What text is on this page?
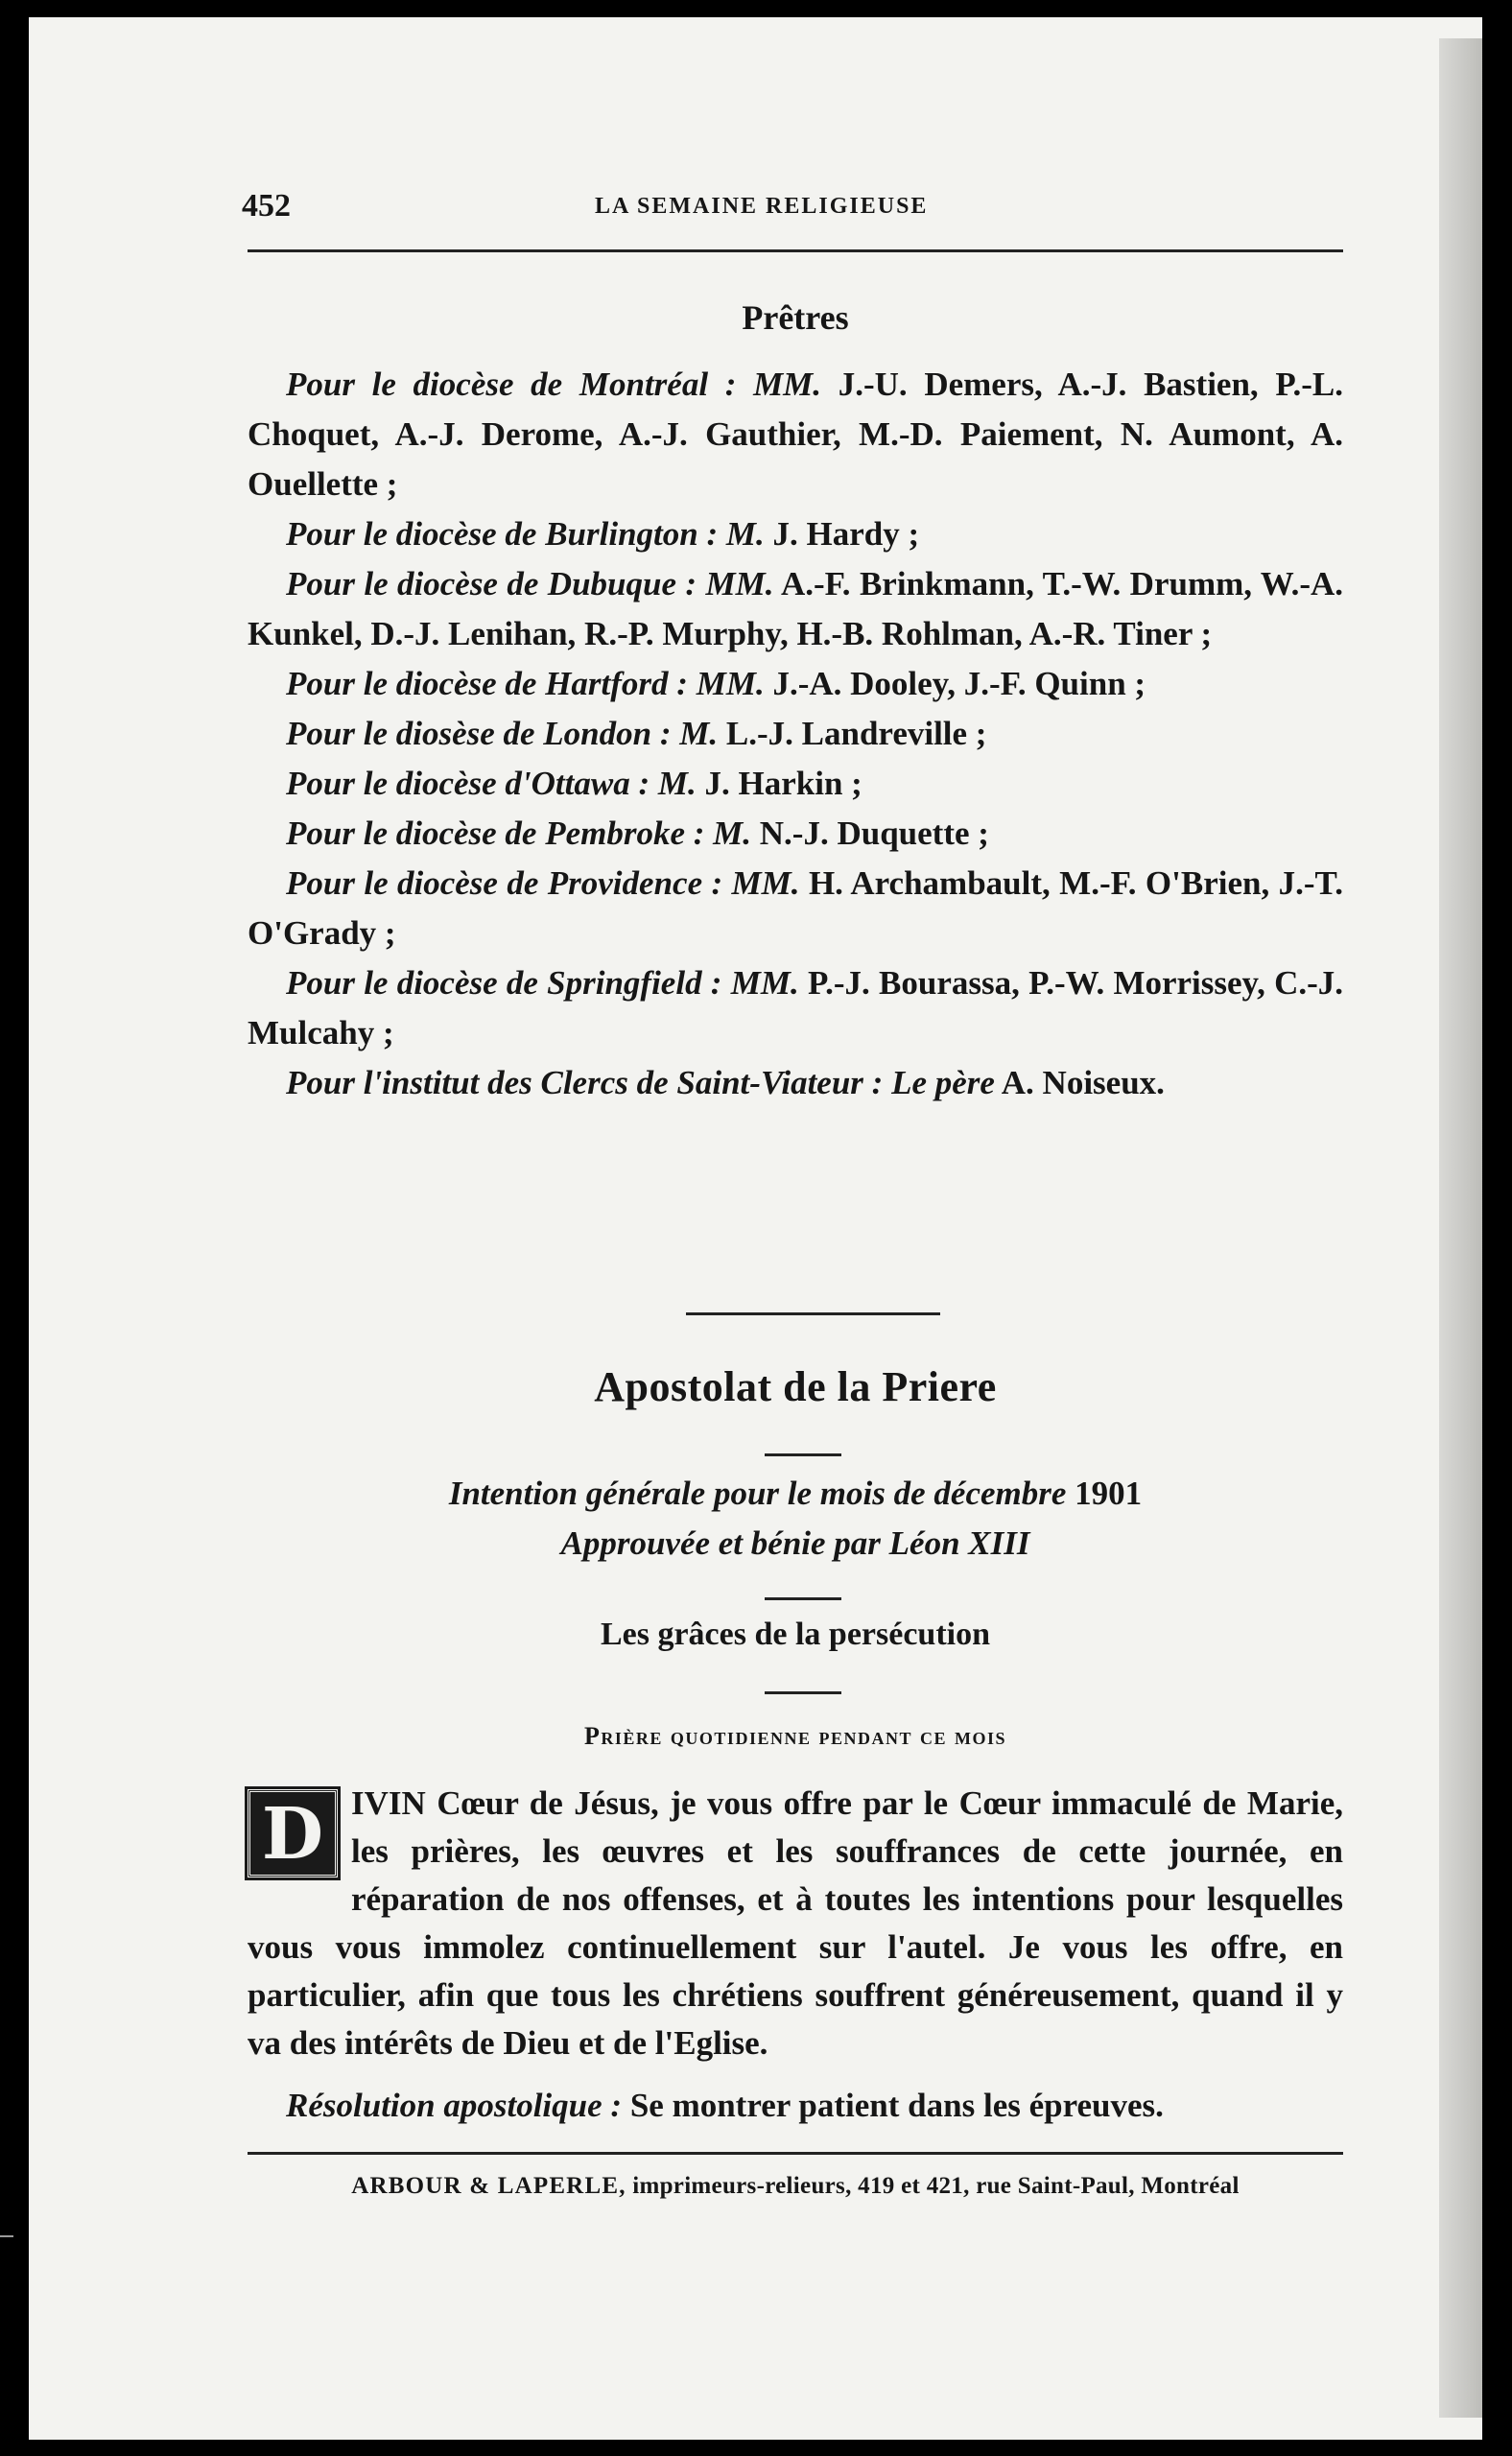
452	LA SEMAINE RELIGIEUSE
Prêtres

Pour le diocèse de Montréal : MM. J.-U. Demers, A.-J. Bastien, P.-L. Choquet, A.-J. Derome, A.-J. Gauthier, M.-D. Paiement, N. Aumont, A. Ouellette ;

Pour le diocèse de Burlington : M. J. Hardy ;

Pour le diocèse de Dubuque : MM. A.-F. Brinkmann, T.-W. Drumm, W.-A. Kunkel, D.-J. Lenihan, R.-P. Murphy, H.-B. Rohlman, A.-R. Tiner ;

Pour le diocèse de Hartford : MM. J.-A. Dooley, J.-F. Quinn ;

Pour le diosèse de London : M. L.-J. Landreville ;

Pour le diocèse d'Ottawa : M. J. Harkin ;

Pour le diocèse de Pembroke : M. N.-J. Duquette ;

Pour le diocèse de Providence : MM. H. Archambault, M.-F. O'Brien, J.-T. O'Grady ;

Pour le diocèse de Springfield : MM. P.-J. Bourassa, P.-W. Morrissey, C.-J. Mulcahy ;

Pour l'institut des Clercs de Saint-Viateur : Le père A. Noiseux.

Apostolat de la Priere
Intention générale pour le mois de décembre 1901
Approuvée et bénie par Léon XIII
Les grâces de la persécution
Prière quotidienne pendant ce mois
D IVIN Cœur de Jésus, je vous offre par le Cœur immaculé de Marie, les prières, les œuvres et les souffrances de cette journée, en réparation de nos offenses, et à toutes les intentions pour lesquelles vous vous immolez continuellement sur l'autel. Je vous les offre, en particulier, afin que tous les chrétiens souffrent généreusement, quand il y va des intérêts de Dieu et de l'Eglise.

Résolution apostolique : Se montrer patient dans les épreuves.

ARBOUR & LAPERLE, imprimeurs-relieurs, 419 et 421, rue Saint-Paul, Montréal
